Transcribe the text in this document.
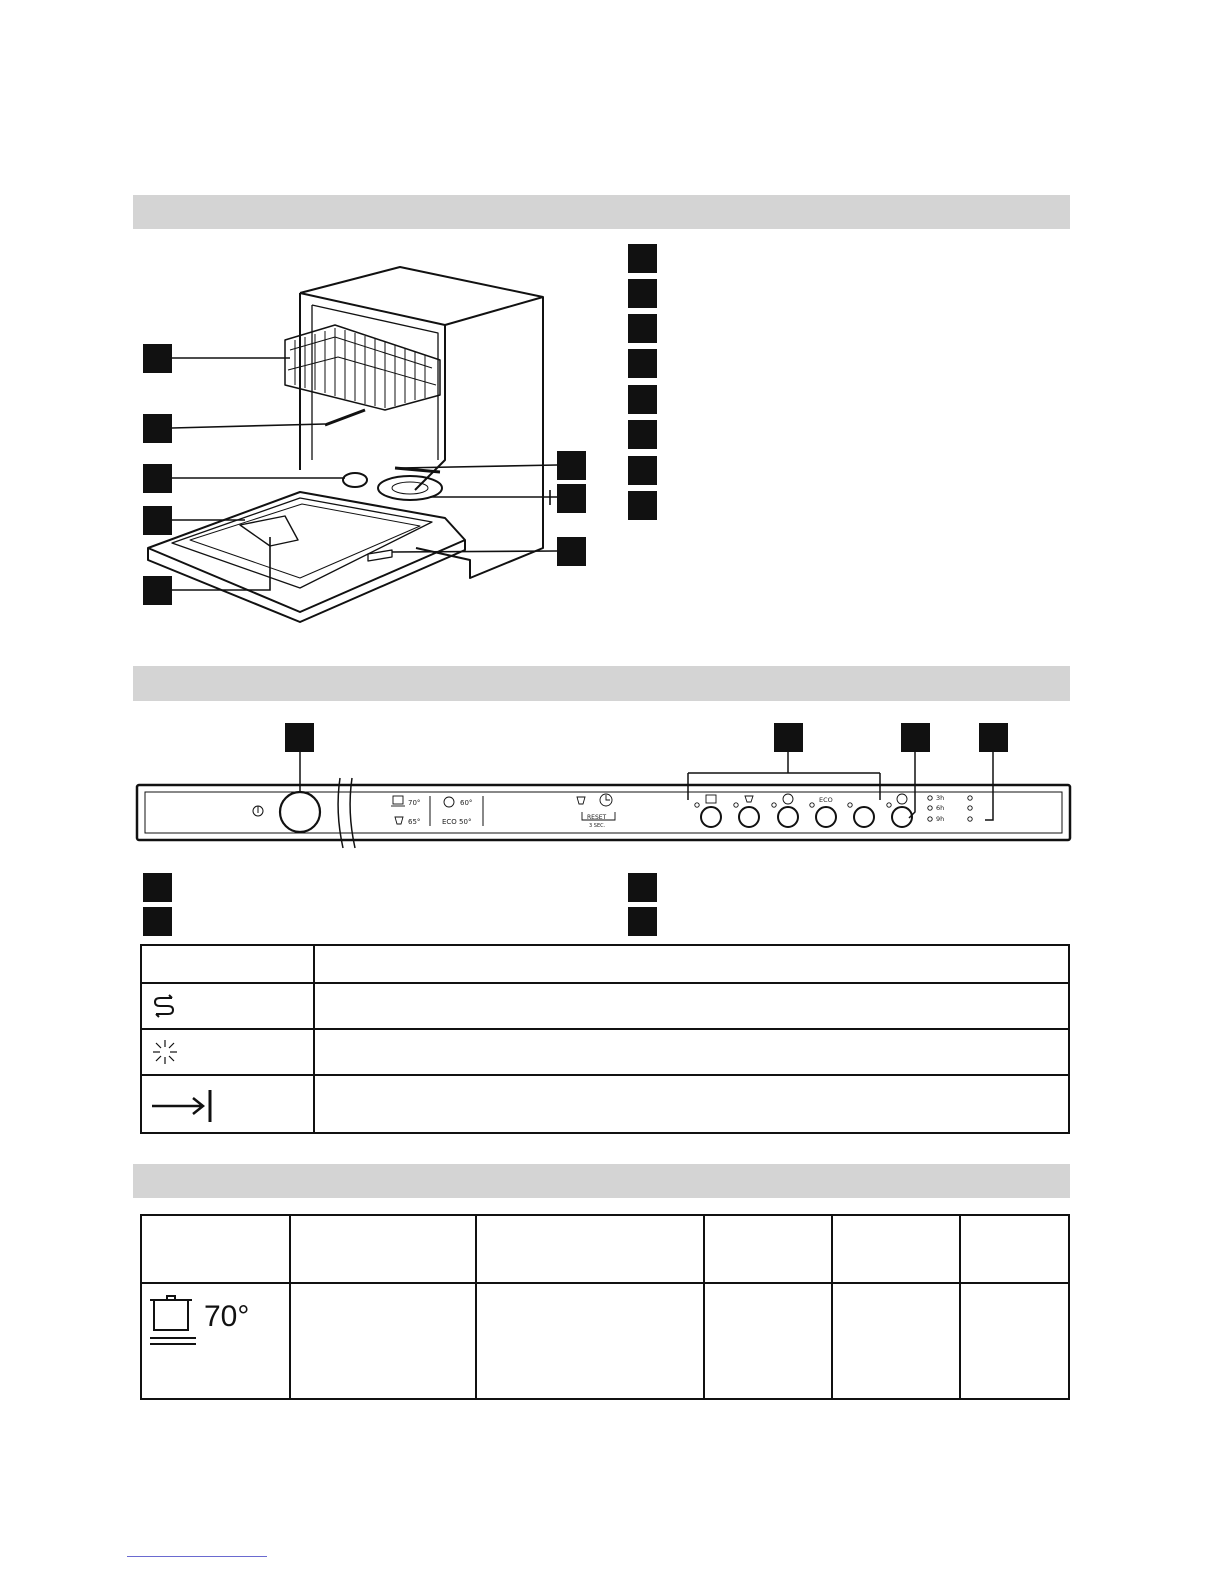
70°
65°
60°
ECO 50°
RESET
3 SEC.
ECO	3h
6h
9h

70°					
